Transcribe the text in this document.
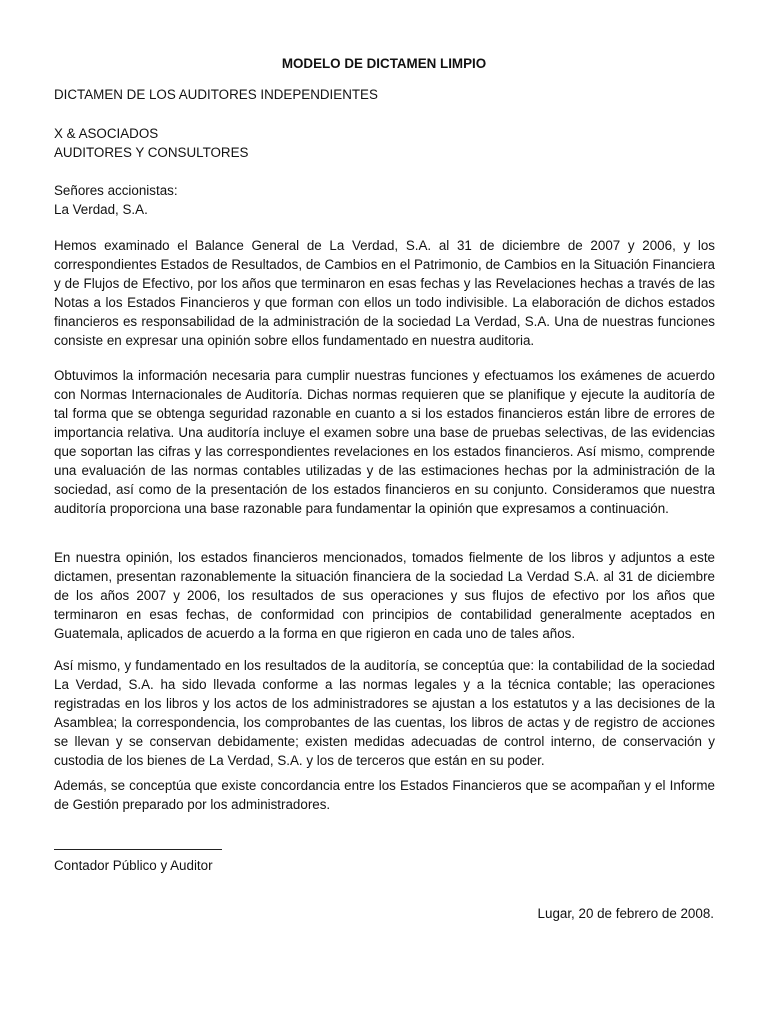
MODELO DE DICTAMEN LIMPIO

DICTAMEN DE LOS AUDITORES INDEPENDIENTES

X & ASOCIADOS

AUDITORES Y CONSULTORES

Señores accionistas:

La Verdad, S.A.

Hemos examinado el Balance General de La Verdad, S.A. al 31 de diciembre de 2007 y 2006, y los correspondientes Estados de Resultados, de Cambios en el Patrimonio, de Cambios en la Situación Financiera y de Flujos de Efectivo, por los años que terminaron en esas fechas y las Revelaciones hechas a través de las Notas a los Estados Financieros y que forman con ellos un todo indivisible. La elaboración de dichos estados financieros es responsabilidad de la administración de la sociedad La Verdad, S.A. Una de nuestras funciones consiste en expresar una opinión sobre ellos fundamentado en nuestra auditoria.

Obtuvimos la información necesaria para cumplir nuestras funciones y efectuamos los exámenes de acuerdo con Normas Internacionales de Auditoría. Dichas normas requieren que se planifique y ejecute la auditoría de tal forma que se obtenga seguridad razonable en cuanto a si los estados financieros están libre de errores de importancia relativa. Una auditoría incluye el examen sobre una base de pruebas selectivas, de las evidencias que soportan las cifras y las correspondientes revelaciones en los estados financieros. Así mismo, comprende una evaluación de las normas contables utilizadas y de las estimaciones hechas por la administración de la sociedad, así como de la presentación de los estados financieros en su conjunto. Consideramos que nuestra auditoría proporciona una base razonable para fundamentar la opinión que expresamos a continuación.

En nuestra opinión, los estados financieros mencionados, tomados fielmente de los libros y adjuntos a este dictamen, presentan razonablemente la situación financiera de la sociedad La Verdad S.A. al 31 de diciembre de los años 2007 y 2006, los resultados de sus operaciones y sus flujos de efectivo por los años que terminaron en esas fechas, de conformidad con principios de contabilidad generalmente aceptados en Guatemala, aplicados de acuerdo a la forma en que rigieron en cada uno de tales años.

Así mismo, y fundamentado en los resultados de la auditoría, se conceptúa que: la contabilidad de la sociedad La Verdad, S.A. ha sido llevada conforme a las normas legales y a la técnica contable; las operaciones registradas en los libros y los actos de los administradores se ajustan a los estatutos y a las decisiones de la Asamblea; la correspondencia, los comprobantes de las cuentas, los libros de actas y de registro de acciones se llevan y se conservan debidamente; existen medidas adecuadas de control interno, de conservación y custodia de los bienes de La Verdad, S.A. y los de terceros que están en su poder.

Además, se conceptúa que existe concordancia entre los Estados Financieros que se acompañan y el Informe de Gestión preparado por los administradores.

Contador Público y Auditor

Lugar, 20 de febrero de 2008.
